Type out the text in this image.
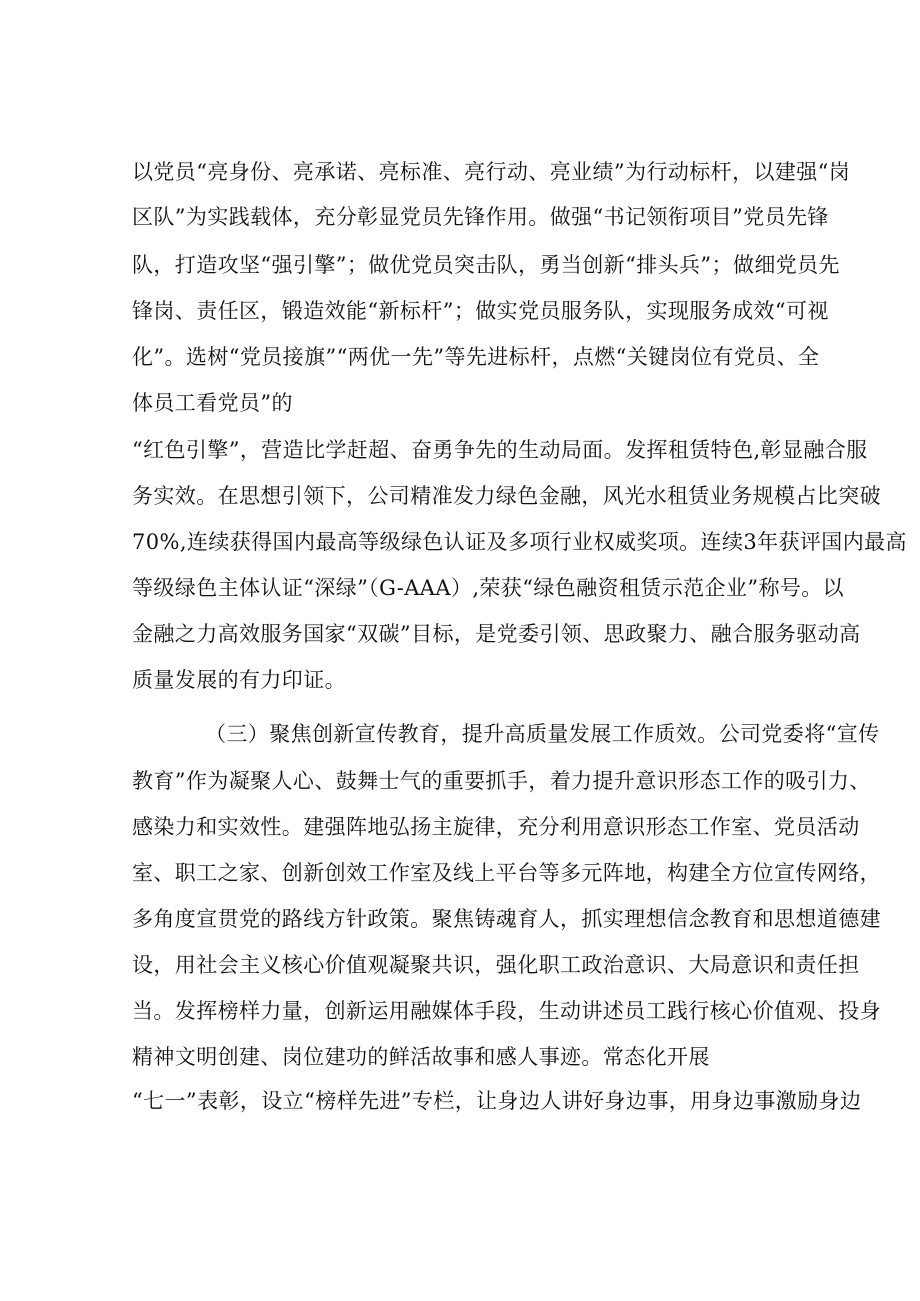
以党员“亮身份、亮承诺、亮标准、亮行动、亮业绩”为行动标杆，以建强“岗
区队”为实践载体，充分彰显党员先锋作用。做强“书记领衔项目”党员先锋
队，打造攻坚“强引擎”；做优党员突击队，勇当创新“排头兵”；做细党员先
锋岗、责任区，锻造效能“新标杆”；做实党员服务队，实现服务成效“可视
化”。选树“党员接旗”“两优一先”等先进标杆，点燃“关键岗位有党员、全
体员工看党员”的
“红色引擎”，营造比学赶超、奋勇争先的生动局面。发挥租赁特色,彰显融合服
务实效。在思想引领下，公司精准发力绿色金融，风光水租赁业务规模占比突破
70%,连续获得国内最高等级绿色认证及多项行业权威奖项。连续3年获评国内最高
等级绿色主体认证“深绿”（G-AAA）,荣获“绿色融资租赁示范企业”称号。以
金融之力高效服务国家“双碳”目标，是党委引领、思政聚力、融合服务驱动高
质量发展的有力印证。
（三）聚焦创新宣传教育，提升高质量发展工作质效。公司党委将“宣传
教育”作为凝聚人心、鼓舞士气的重要抓手，着力提升意识形态工作的吸引力、
感染力和实效性。建强阵地弘扬主旋律，充分利用意识形态工作室、党员活动
室、职工之家、创新创效工作室及线上平台等多元阵地，构建全方位宣传网络，
多角度宣贯党的路线方针政策。聚焦铸魂育人，抓实理想信念教育和思想道德建
设，用社会主义核心价值观凝聚共识，强化职工政治意识、大局意识和责任担
当。发挥榜样力量，创新运用融媒体手段，生动讲述员工践行核心价值观、投身
精神文明创建、岗位建功的鲜活故事和感人事迹。常态化开展
“七一”表彰，设立“榜样先进”专栏，让身边人讲好身边事，用身边事激励身边
